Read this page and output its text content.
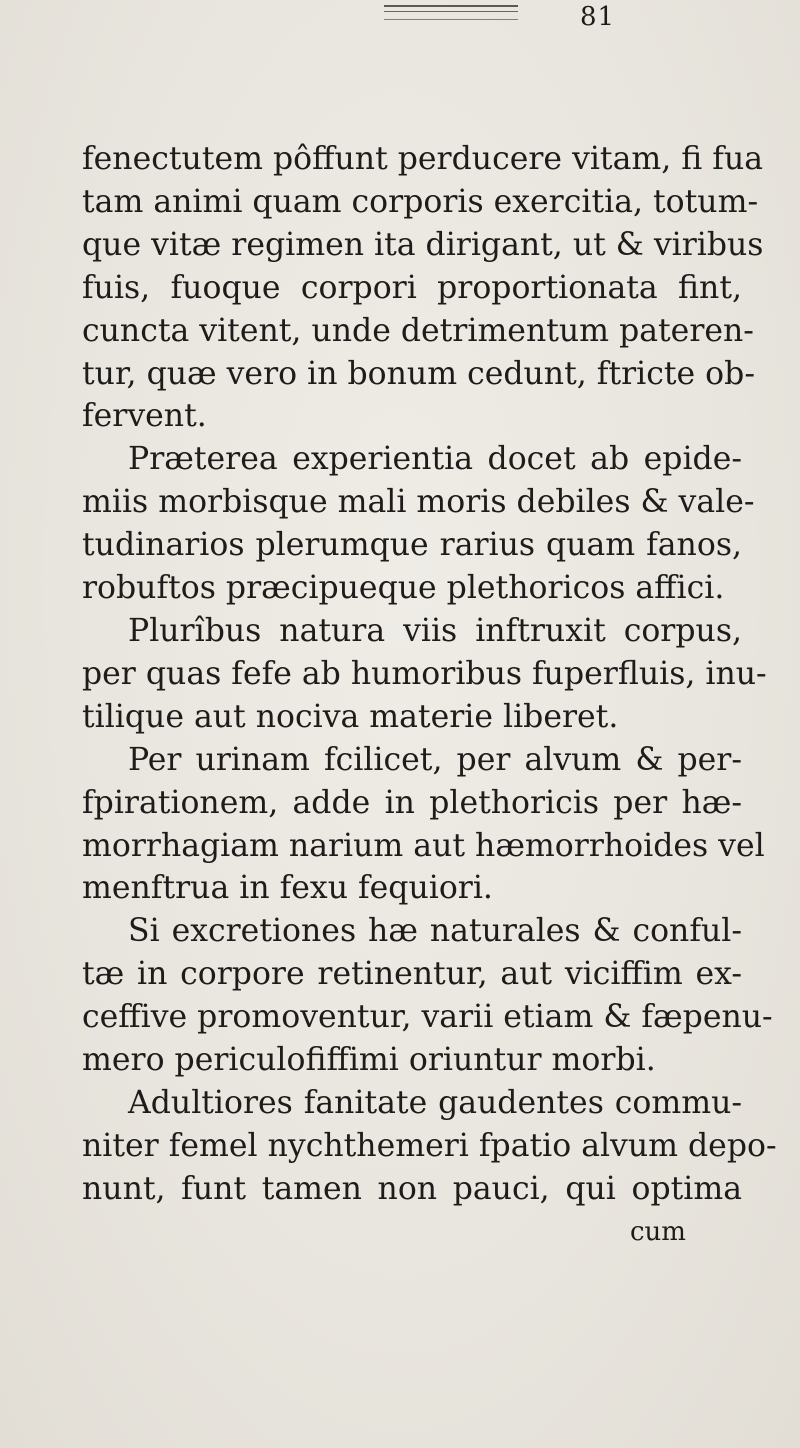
81
fenectutem pôffunt perducere vitam, fi fua
tam animi quam corporis exercitia, totum-
que vitæ regimen ita dirigant, ut & viribus
fuis, fuoque corpori proportionata fint,
cuncta vitent, unde detrimentum pateren-
tur, quæ vero in bonum cedunt, ftricte ob-
fervent.
Præterea experientia docet ab epide-
miis morbisque mali moris debiles & vale-
tudinarios plerumque rarius quam fanos,
robuftos præcipueque plethoricos affici.
Plurîbus natura viis inftruxit corpus,
per quas fefe ab humoribus fuperfluis, inu-
tilique aut nociva materie liberet.
Per urinam fcilicet, per alvum & per-
fpirationem, adde in plethoricis per hæ-
morrhagiam narium aut hæmorrhoides vel
menftrua in fexu fequiori.
Si excretiones hæ naturales & conful-
tæ in corpore retinentur, aut viciffim ex-
ceffive promoventur, varii etiam & fæpenu-
mero periculofiffimi oriuntur morbi.
Adultiores fanitate gaudentes commu-
niter femel nychthemeri fpatio alvum depo-
nunt, funt tamen non pauci, qui optima
cum
